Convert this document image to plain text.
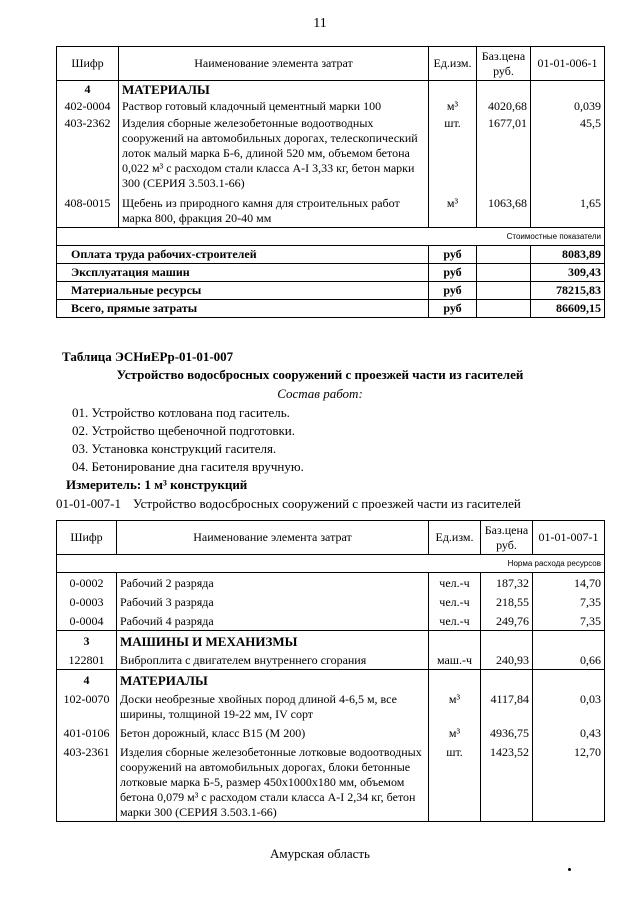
11
Шифр	Наименование элемента затрат	Ед.изм.	Баз.цена руб.	01-01-006-1
4	МАТЕРИАЛЫ			
402-0004	Раствор готовый кладочный цементный марки 100	м³	4020,68	0,039
403-2362	Изделия сборные железобетонные водоотводных сооружений на автомобильных дорогах, телескопический лоток малый марка Б-6, длиной 520 мм, объемом бетона 0,022 м³ с расходом стали класса А-I 3,33 кг, бетон марки 300 (СЕРИЯ 3.503.1-66)	шт.	1677,01	45,5
408-0015	Щебень из природного камня для строительных работ марка 800, фракция 20-40 мм	м³	1063,68	1,65
Стоимостные показатели				
Оплата труда рабочих-строителей		руб		8083,89
Эксплуатация машин		руб		309,43
Материальные ресурсы		руб		78215,83
Всего, прямые затраты		руб		86609,15
Таблица ЭСНиЕРр-01-01-007
Устройство водосбросных сооружений с проезжей части из гасителей
Состав работ:
01. Устройство котлована под гаситель.
02. Устройство щебеночной подготовки.
03. Установка конструкций гасителя.
04. Бетонирование дна гасителя вручную.
Измеритель: 1 м³ конструкций
01-01-007-1 Устройство водосбросных сооружений с проезжей части из гасителей
Шифр	Наименование элемента затрат	Ед.изм.	Баз.цена руб.	01-01-007-1
Норма расхода ресурсов				
0-0002	Рабочий 2 разряда	чел.-ч	187,32	14,70
0-0003	Рабочий 3 разряда	чел.-ч	218,55	7,35
0-0004	Рабочий 4 разряда	чел.-ч	249,76	7,35
3	МАШИНЫ И МЕХАНИЗМЫ			
122801	Виброплита с двигателем внутреннего сгорания	маш.-ч	240,93	0,66
4	МАТЕРИАЛЫ			
102-0070	Доски необрезные хвойных пород длиной 4-6,5 м, все ширины, толщиной 19-22 мм, IV сорт	м³	4117,84	0,03
401-0106	Бетон дорожный, класс B15 (М 200)	м³	4936,75	0,43
403-2361	Изделия сборные железобетонные лотковые водоотводных сооружений на автомобильных дорогах, блоки бетонные лотковые марка Б-5, размер 450x1000x180 мм, объемом бетона 0,079 м³ с расходом стали класса А-I 2,34 кг, бетон марки 300 (СЕРИЯ 3.503.1-66)	шт.	1423,52	12,70
Амурская область
